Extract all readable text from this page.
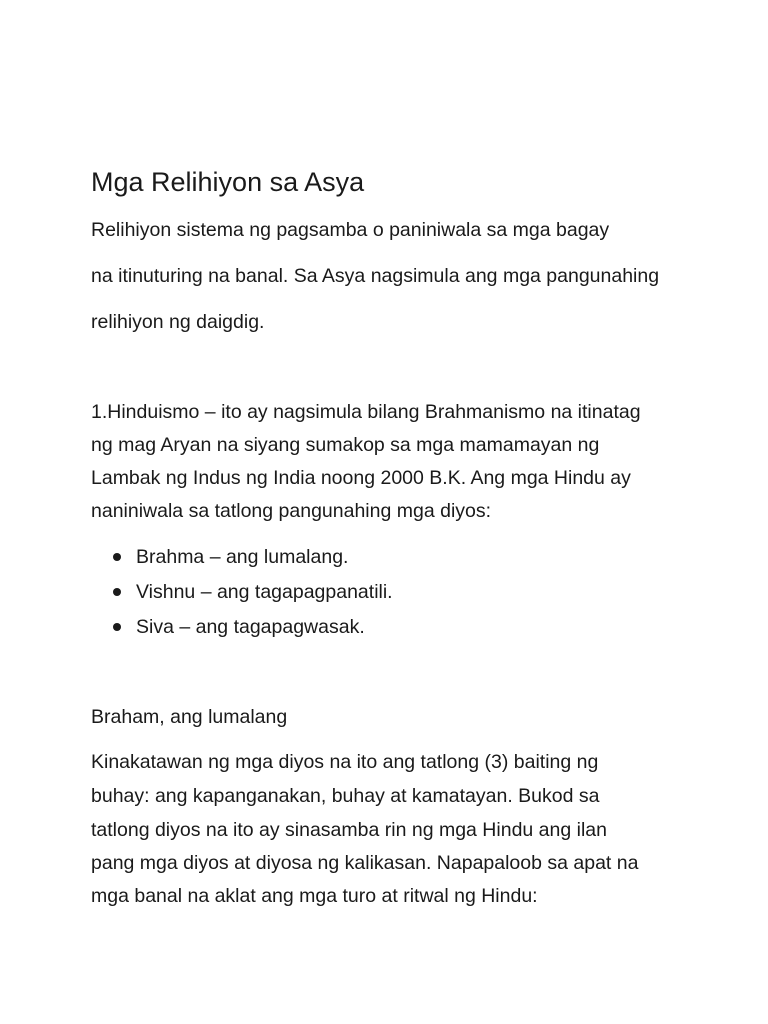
Mga Relihiyon sa Asya
Relihiyon sistema ng pagsamba o paniniwala sa mga bagay
na itinuturing na banal. Sa Asya nagsimula ang mga pangunahing
relihiyon ng daigdig.
1.Hinduismo – ito ay nagsimula bilang Brahmanismo na itinatag
ng mag Aryan na siyang sumakop sa mga mamamayan ng
Lambak ng Indus ng India noong 2000 B.K. Ang mga Hindu ay
naniniwala sa tatlong pangunahing mga diyos:
Brahma – ang lumalang.
Vishnu – ang tagapagpanatili.
Siva – ang tagapagwasak.
Braham, ang lumalang
Kinakatawan ng mga diyos na ito ang tatlong (3) baiting ng
buhay: ang kapanganakan, buhay at kamatayan. Bukod sa
tatlong diyos na ito ay sinasamba rin ng mga Hindu ang ilan
pang mga diyos at diyosa ng kalikasan. Napapaloob sa apat na
mga banal na aklat ang mga turo at ritwal ng Hindu:
